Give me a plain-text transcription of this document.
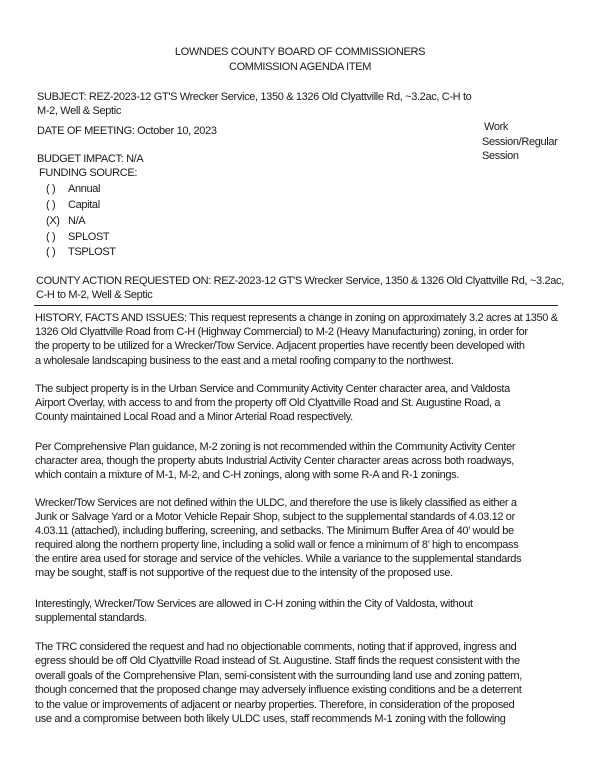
LOWNDES COUNTY BOARD OF COMMISSIONERS
COMMISSION AGENDA ITEM
SUBJECT: REZ-2023-12 GT'S Wrecker Service, 1350 & 1326 Old Clyattville Rd, ~3.2ac, C-H to
M-2, Well & Septic
DATE OF MEETING: October 10, 2023	Work
Session/Regular
Session
BUDGET IMPACT: N/A
FUNDING SOURCE:
( ) Annual
( ) Capital
(X) N/A
( ) SPLOST
( ) TSPLOST
COUNTY ACTION REQUESTED ON: REZ-2023-12 GT'S Wrecker Service, 1350 & 1326 Old Clyattville Rd, ~3.2ac,
C-H to M-2, Well & Septic
HISTORY, FACTS AND ISSUES: This request represents a change in zoning on approximately 3.2 acres at 1350 &
1326 Old Clyattville Road from C-H (Highway Commercial) to M-2 (Heavy Manufacturing) zoning, in order for
the property to be utilized for a Wrecker/Tow Service. Adjacent properties have recently been developed with
a wholesale landscaping business to the east and a metal roofing company to the northwest.
The subject property is in the Urban Service and Community Activity Center character area, and Valdosta
Airport Overlay, with access to and from the property off Old Clyattville Road and St. Augustine Road, a
County maintained Local Road and a Minor Arterial Road respectively.
Per Comprehensive Plan guidance, M-2 zoning is not recommended within the Community Activity Center
character area, though the property abuts Industrial Activity Center character areas across both roadways,
which contain a mixture of M-1, M-2, and C-H zonings, along with some R-A and R-1 zonings.
Wrecker/Tow Services are not defined within the ULDC, and therefore the use is likely classified as either a
Junk or Salvage Yard or a Motor Vehicle Repair Shop, subject to the supplemental standards of 4.03.12 or
4.03.11 (attached), including buffering, screening, and setbacks. The Minimum Buffer Area of 40’ would be
required along the northern property line, including a solid wall or fence a minimum of 8’ high to encompass
the entire area used for storage and service of the vehicles. While a variance to the supplemental standards
may be sought, staff is not supportive of the request due to the intensity of the proposed use.
Interestingly, Wrecker/Tow Services are allowed in C-H zoning within the City of Valdosta, without
supplemental standards.
The TRC considered the request and had no objectionable comments, noting that if approved, ingress and
egress should be off Old Clyattville Road instead of St. Augustine. Staff finds the request consistent with the
overall goals of the Comprehensive Plan, semi-consistent with the surrounding land use and zoning pattern,
though concerned that the proposed change may adversely influence existing conditions and be a deterrent
to the value or improvements of adjacent or nearby properties. Therefore, in consideration of the proposed
use and a compromise between both likely ULDC uses, staff recommends M-1 zoning with the following
